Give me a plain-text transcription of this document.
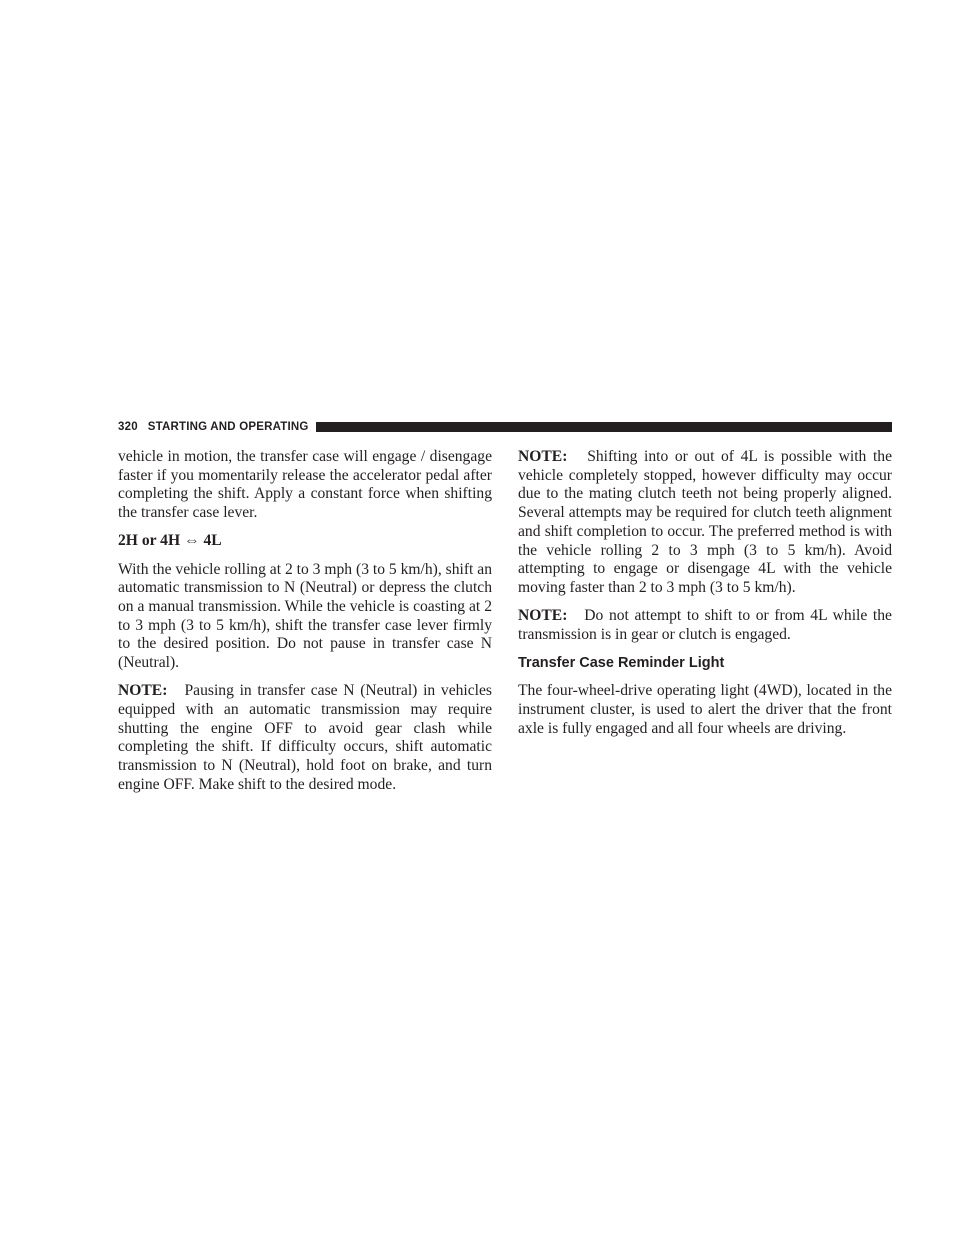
320 STARTING AND OPERATING

vehicle in motion, the transfer case will engage / disengage faster if you momentarily release the accelerator pedal after completing the shift. Apply a constant force when shifting the transfer case lever.

2H or 4H ⇔ 4L

With the vehicle rolling at 2 to 3 mph (3 to 5 km/h), shift an automatic transmission to N (Neutral) or depress the clutch on a manual transmission. While the vehicle is coasting at 2 to 3 mph (3 to 5 km/h), shift the transfer case lever firmly to the desired position. Do not pause in transfer case N (Neutral).

NOTE: Pausing in transfer case N (Neutral) in vehicles equipped with an automatic transmission may require shutting the engine OFF to avoid gear clash while completing the shift. If difficulty occurs, shift automatic transmission to N (Neutral), hold foot on brake, and turn engine OFF. Make shift to the desired mode.

NOTE: Shifting into or out of 4L is possible with the vehicle completely stopped, however difficulty may occur due to the mating clutch teeth not being properly aligned. Several attempts may be required for clutch teeth alignment and shift completion to occur. The preferred method is with the vehicle rolling 2 to 3 mph (3 to 5 km/h). Avoid attempting to engage or disengage 4L with the vehicle moving faster than 2 to 3 mph (3 to 5 km/h).

NOTE: Do not attempt to shift to or from 4L while the transmission is in gear or clutch is engaged.

Transfer Case Reminder Light

The four-wheel-drive operating light (4WD), located in the instrument cluster, is used to alert the driver that the front axle is fully engaged and all four wheels are driving.
